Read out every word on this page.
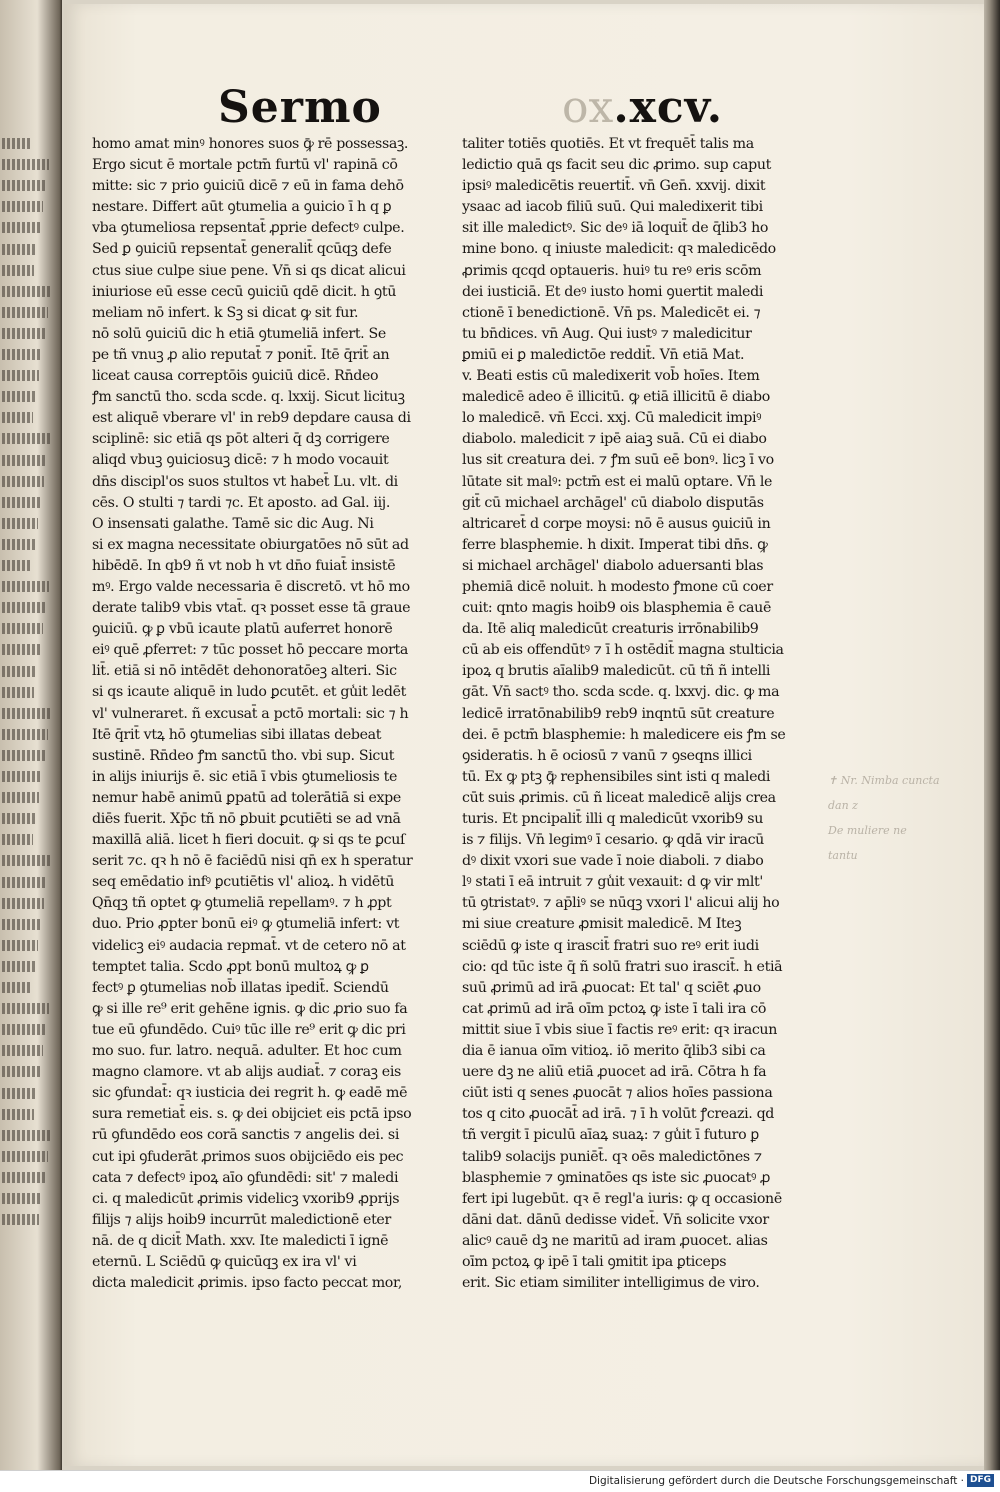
Sermo	ox.xcv.
homo amat minꝰ honores suos ꝙ̄ rē possessaꝫ.
Ergo sicut ē mortale pctm̄ furtū vl' rapinā cō
mitte: sic ⁊ prio ꝯuiciū dicē ⁊ eū in fama dehō
nestare. Differt aūt ꝯtumelia a ꝯuicio ī h q ꝑ
vba ꝯtumeliosa repsentat̄ ꝓprie defectꝰ culpe.
Sed ꝑ ꝯuiciū repsentat̄ generalit̄ qcūqꝫ defe
ctus siue culpe siue pene. Vn̄ si qs dicat alicui
iniuriose eū esse cecū ꝯuiciū qdē dicit. h ꝯtū
meliam nō infert. k Sꝫ si dicat ꝙ sit fur.
nō solū ꝯuiciū dic h etiā ꝯtumeliā infert. Se
pe tñ vnuꝫ ꝓ alio reputat̄ ⁊ ponit̄. Itē q̄rit̄ an
liceat causa correptōis ꝯuiciū dicē. Rn̄deo
ꝭm sanctū tho. scda scde. q. lxxij. Sicut licituꝫ
est aliquē vberare vl' in reb9 depdare causa di
sciplinē: sic etiā qs pōt alteri q̄ dꝫ corrigere
aliqd vbuꝫ ꝯuiciosuꝫ dicē: ⁊ h modo vocauit
dn̄s discipl'os suos stultos vt habet̄ Lu. vlt. di
cēs. O stulti ⁊ tardi ⁊c. Et aposto. ad Gal. iij.
O insensati galathe. Tamē sic dic Aug. Ni
si ex magna necessitate obiurgatōes nō sūt ad
hibēdē. In qb9 ñ vt nob h vt dn̄o fuiat̄ insistē
mꝰ. Ergo valde necessaria ē discretō. vt hō mo
derate talib9 vbis vtat̄. qꝛ posset esse tā graue
ꝯuiciū. ꝙ ꝑ vbū icaute platū auferret honorē
eiꝰ quē ꝓferret: ⁊ tūc posset hō peccare morta
lit̄. etiā si nō intēdēt dehonoratōeꝫ alteri. Sic
si qs icaute aliquē in ludo ꝑcutēt. et gu̾it ledēt
vl' vulneraret. ñ excusat̄ a pctō mortali: sic ⁊ h
Itē q̄rit̄ vtꝝ hō ꝯtumelias sibi illatas debeat
sustinē. Rn̄deo ꝭm sanctū tho. vbi sup. Sicut
in alijs iniurijs ē. sic etiā ī vbis ꝯtumeliosis te
nemur habē animū ꝑpatū ad tolerātiā si expe
diēs fuerit. Xp̄c tñ nō ꝑbuit ꝑcutiēti se ad vnā
maxillā aliā. licet h fieri docuit. ꝙ si qs te ꝑcuſ
serit ⁊c. qꝛ h nō ē faciēdū nisi qn̄ ex h speratur
seq emēdatio infꝰ ꝑcutiētis vl' alioꝝ. h vidētū
Qn̄qꝫ tñ optet ꝙ ꝯtumeliā repellamꝰ. ⁊ h ꝓpt
duo. Prio ꝓpter bonū eiꝰ ꝙ ꝯtumeliā infert: vt
videlicꝫ eiꝰ audacia repmat̄. vt de cetero nō at
temptet talia. Scdo ꝓpt bonū multoꝝ ꝙ ꝑ
fectꝰ ꝑ ꝯtumelias nob̄ illatas ipedit̄. Sciendū
ꝙ si ille re⁹ erit gehēne ignis. ꝙ dic ꝓrio suo fa
tue eū ꝯfundēdo. Cuiꝰ tūc ille re⁹ erit ꝙ dic pri
mo suo. fur. latro. nequā. adulter. Et hoc cum
magno clamore. vt ab alijs audiat̄. ⁊ coraꝫ eis
sic ꝯfundat̄: qꝛ iusticia dei regrit h. ꝙ eadē mē
sura remetiat̄ eis. s. ꝙ dei obijciet eis pctā ipso
rū ꝯfundēdo eos corā sanctis ⁊ angelis dei. si
cut ipi ꝯfuderāt ꝓrimos suos obijciēdo eis pec
cata ⁊ defectꝰ ipoꝝ aīo ꝯfundēdi: sit' ⁊ maledi
ci. q maledicūt ꝓrimis videlicꝫ vxorib9 ꝓprijs
filijs ⁊ alijs hoib9 incurrūt maledictionē eter
nā. de q dicit̄ Math. xxv. Ite maledicti ī ignē
eternū. L Sciēdū ꝙ quicūqꝫ ex ira vl' vi
dicta maledicit ꝓrimis. ipso facto peccat mor,
taliter totiēs quotiēs. Et vt frequēt̄ talis ma
ledictio quā qs facit seu dic ꝓrimo. sup caput
ipsiꝰ maledicētis reuertit̄. vn̄ Gen̄. xxvij. dixit
ysaac ad iacob filiū suū. Qui maledixerit tibi
sit ille maledictꝰ. Sic deꝰ iā loquit̄ de q̄lib3 ho
mine bono. q iniuste maledicit: qꝛ maledicēdo
ꝓrimis qcqd optaueris. huiꝰ tu reꝰ eris scōm
dei iusticiā. Et deꝰ iusto homi ꝯuertit maledi
ctionē ī benedictionē. Vn̄ ps. Maledicēt ei. ⁊
tu bn̄dices. vn̄ Aug. Qui iustꝰ ⁊ maledicitur
ꝑmiū ei ꝑ maledictōe reddit̄. Vn̄ etiā Mat.
v. Beati estis cū maledixerit vob̄ hoīes. Item
maledicē adeo ē illicitū. ꝙ etiā illicitū ē diabo
lo maledicē. vn̄ Ecci. xxj. Cū maledicit impiꝰ
diabolo. maledicit ⁊ ipē aiaꝫ suā. Cū ei diabo
lus sit creatura dei. ⁊ ꝭm suū eē bonꝰ. licꝫ ī vo
lūtate sit malꝰ: pctm̄ est ei malū optare. Vn̄ le
git̄ cū michael archāgel' cū diabolo disputās
altricaret̄ d corpe moysi: nō ē ausus ꝯuiciū in
ferre blasphemie. h dixit. Imperat tibi dn̄s. ꝙ
si michael archāgel' diabolo aduersanti blas
phemiā dicē noluit. h modesto ꝭmone cū coer
cuit: qnto magis hoib9 ois blasphemia ē cauē
da. Itē aliq maledicūt creaturis irrōnabilib9
cū ab eis offendūtꝰ ⁊ ī h ostēdit̄ magna stulticia
ipoꝝ q brutis aīalib9 maledicūt. cū tñ ñ intelli
gāt. Vn̄ sactꝰ tho. scda scde. q. lxxvj. dic. ꝙ ma
ledicē irratōnabilib9 reb9 inqntū sūt creature
dei. ē pctm̄ blasphemie: h maledicere eis ꝭm se
ꝯsideratis. h ē ociosū ⁊ vanū ⁊ ꝯseqns illici
tū. Ex ꝙ ptꝫ ꝙ̄ rephensibiles sint isti q maledi
cūt suis ꝓrimis. cū ñ liceat maledicē alijs crea
turis. Et pncipalit̄ illi q maledicūt vxorib9 su
is ⁊ filijs. Vn̄ legimꝰ ī cesario. ꝙ qdā vir iracū
dꝰ dixit vxori sue vade ī noie diaboli. ⁊ diabo
lꝰ stati ī eā intruit ⁊ gu̾it vexauit: d ꝙ vir mlt'
tū ꝯtristatꝰ. ⁊ ap̄liꝰ se nūqꝫ vxori l' alicui alij ho
mi siue creature ꝓmisit maledicē. M Iteꝫ
sciēdū ꝙ iste q irascit̄ fratri suo reꝰ erit iudi
cio: qd tūc iste q̄ ñ solū fratri suo irascit̄. h etiā
suū ꝓrimū ad irā ꝓuocat: Et tal' q sciēt ꝓuo
cat ꝓrimū ad irā oīm pctoꝝ ꝙ iste ī tali ira cō
mittit siue ī vbis siue ī factis reꝰ erit: qꝛ iracun
dia ē ianua oīm vitioꝝ. iō merito q̄lib3 sibi ca
uere dꝫ ne aliū etiā ꝓuocet ad irā. Cōtra h fa
ciūt isti q senes ꝓuocāt ⁊ alios hoīes passiona
tos q cito ꝓuocāt̄ ad irā. ⁊ ī h volūt ꝭcreazi. qd
tñ vergit ī piculū aīaꝝ suaꝝ: ⁊ gu̾it ī futuro ꝑ
talib9 solacijs puniēt̄. qꝛ oēs maledictōnes ⁊
blasphemie ⁊ ꝯminatōes qs iste sic ꝓuocatꝰ ꝓ
fert ipi lugebūt. qꝛ ē regl'a iuris: ꝙ q occasionē
dāni dat. dānū dedisse videt̄. Vn̄ solicite vxor
alicꝰ cauē dꝫ ne maritū ad iram ꝓuocet. alias
oīm pctoꝝ ꝙ ipē ī tali ꝯmitit ipa ꝑticeps
erit. Sic etiam similiter intelligimus de viro.
✝ Nr. Nimba cuncta
dan z
De muliere ne
tantu
Digitalisierung gefördert durch die Deutsche Forschungsgemeinschaft · DFG
